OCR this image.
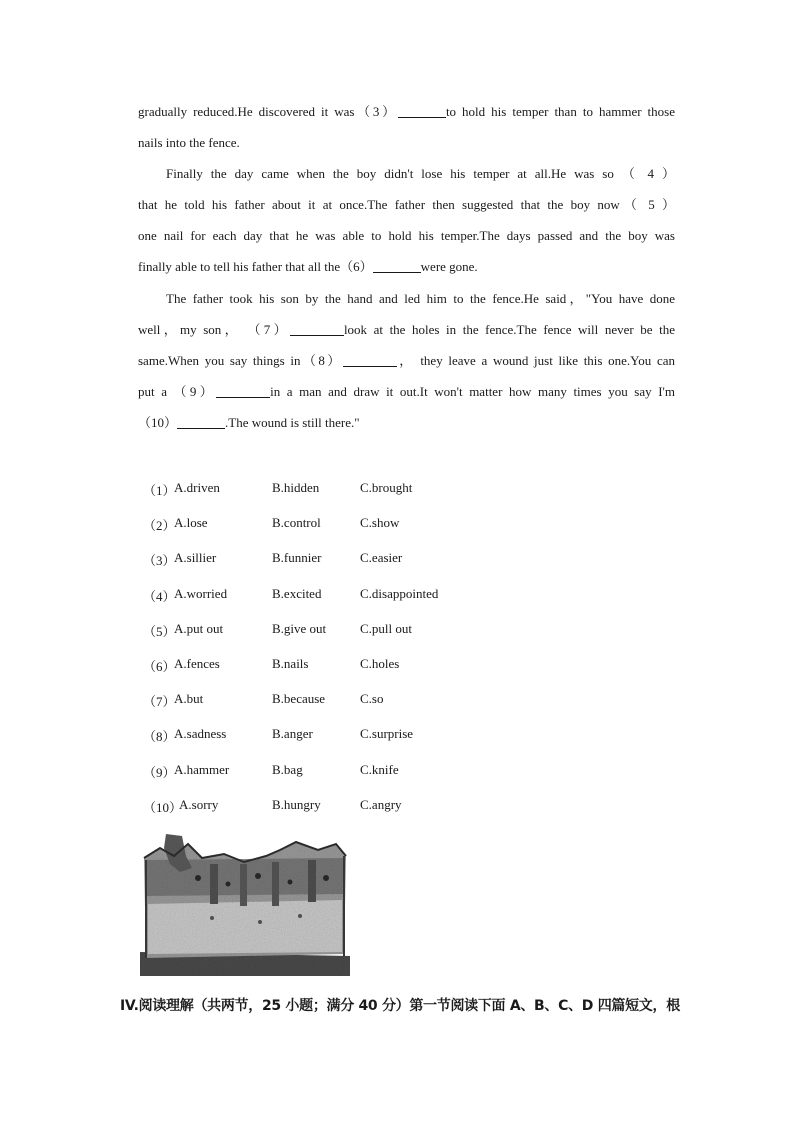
gradually reduced.He discovered it was（3）	to hold his temper than to hammer those
nails into the fence.
Finally the day came when the boy didn't lose his temper at all.He was so （ 4 ）
that he told his father about it at once.The father then suggested that the boy now（ 5 ）
one nail for each day that he was able to hold his temper.The days passed and the boy was
finally able to tell his father that all the（6）	were gone.
The father took his son by the hand and led him to the fence.He said，"You have done
well，my son， （7）	look at the holes in the fence.The fence will never be the
same.When you say things in（8）	， they leave a wound just like this one.You can
put a （9）	in a man and draw it out.It won't matter how many times you say I'm
（10）	.The wound is still there."
（1）
A.driven	B.hidden	C.brought
（2）
A.lose	B.control	C.show
（3）
A.sillier	B.funnier	C.easier
（4）
A.worried	B.excited	C.disappointed
（5）
A.put out	B.give out	C.pull out
（6）
A.fences	B.nails	C.holes
（7）
A.but	B.because	C.so
（8）
A.sadness	B.anger	C.surprise
（9）
A.hammer	B.bag	C.knife
（10）
A.sorry	B.hungry	C.angry
IV.阅读理解（共两节，25 小题；满分 40 分）第一节阅读下面 A、B、C、D 四篇短文，根
